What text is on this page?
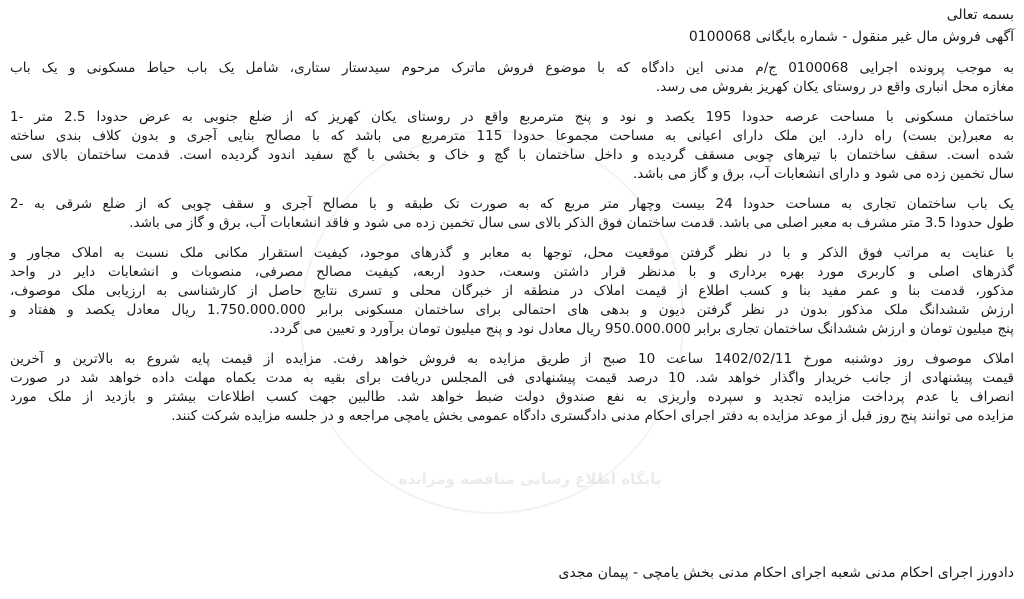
پایگاه اطلاع رسانی مناقصه ومزایده
بسمه تعالی
آگهی فروش مال غیر منقول - شماره بایگانی 0100068
به موجب پرونده اجرایی 0100068 ج/م مدنی این دادگاه که با موضوع فروش ماترک مرحوم سیدستار ستاری، شامل یک باب حیاط مسکونی و یک باب
مغازه محل انباری واقع در روستای یکان کهریز بفروش می رسد.
ساختمان مسکونی با مساحت عرصه حدودا 195 یکصد و نود و پنج مترمربع واقع در روستای یکان کهریز که از ضلع جنوبی به عرض حدودا 2.5 متر -1
به معبر(بن بست) راه دارد. این ملک دارای اعیانی به مساحت مجموعا حدودا 115 مترمربع می باشد که با مصالح بنایی آجری و بدون کلاف بندی ساخته
شده است. سقف ساختمان با تیرهای چوبی مسقف گردیده و داخل ساختمان با گچ و خاک و بخشی با گچ سفید اندود گردیده است. قدمت ساختمان بالای سی
سال تخمین زده می شود و دارای انشعابات آب، برق و گاز می باشد.
یک باب ساختمان تجاری به مساحت حدودا 24 بیست وچهار متر مربع که به صورت تک طبقه و با مصالح آجری و سقف چوبی که از ضلع شرقی به -2
طول حدودا 3.5 متر مشرف به معبر اصلی می باشد. قدمت ساختمان فوق الذکر بالای سی سال تخمین زده می شود و فاقد انشعابات آب، برق و گاز می باشد.
با عنایت به مراتب فوق الذکر و با در نظر گرفتن موقعیت محل، توجها به معابر و گذرهای موجود، کیفیت استقرار مکانی ملک نسبت به املاک مجاور و
گذرهای اصلی و کاربری مورد بهره برداری و با مدنظر قرار داشتن وسعت، حدود اربعه، کیفیت مصالح مصرفی، منصوبات و انشعابات دایر در واحد
مذکور، قدمت بنا و عمر مفید بنا و کسب اطلاع از قیمت املاک در منطقه از خبرگان محلی و تسری نتایج حاصل از کارشناسی به ارزیابی ملک موصوف،
ارزش ششدانگ ملک مذکور بدون در نظر گرفتن دیون و بدهی های احتمالی برای ساختمان مسکونی برابر 1.750.000.000 ریال معادل یکصد و هفتاد و
پنج میلیون تومان و ارزش ششدانگ ساختمان تجاری برابر 950.000.000 ریال معادل نود و پنج میلیون تومان برآورد و تعیین می گردد.
املاک موصوف روز دوشنبه مورخ 1402/02/11 ساعت 10 صبح از طریق مزایده به فروش خواهد رفت. مزایده از قیمت پایه شروع به بالاترین و آخرین
قیمت پیشنهادی از جانب خریدار واگذار خواهد شد. 10 درصد قیمت پیشنهادی فی المجلس دریافت برای بقیه به مدت یکماه مهلت داده خواهد شد در صورت
انصراف یا عدم پرداخت مزایده تجدید و سپرده واریزی به نفع صندوق دولت ضبط خواهد شد. طالبین جهت کسب اطلاعات بیشتر و بازدید از ملک مورد
مزایده می توانند پنج روز قبل از موعد مزایده به دفتر اجرای احکام مدنی دادگستری دادگاه عمومی بخش یامچی مراجعه و در جلسه مزایده شرکت کنند.
دادورز اجرای احکام مدنی شعبه اجرای احکام مدنی بخش یامچی - پیمان مجدی
